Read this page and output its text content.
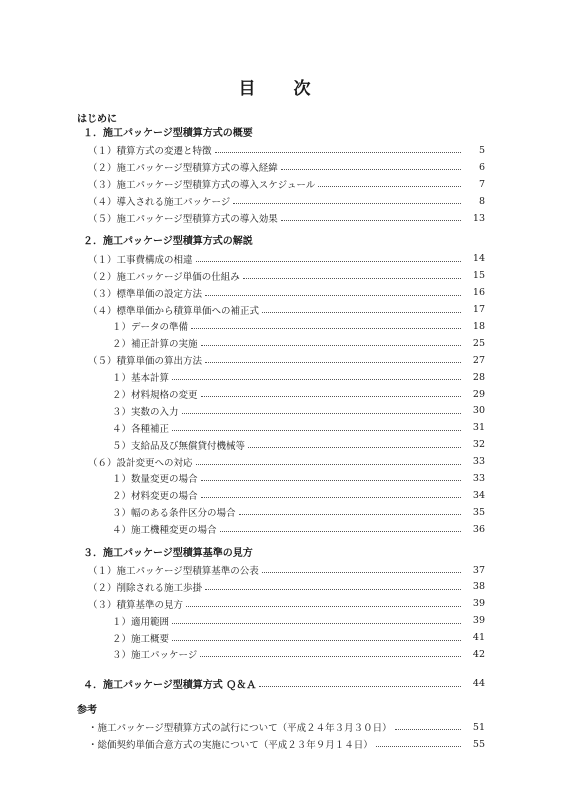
目 次
はじめに
１．施工パッケージ型積算方式の概要
（１）積算方式の変遷と特徴	5
（２）施工パッケージ型積算方式の導入経緯	6
（３）施工パッケージ型積算方式の導入スケジュール	7
（４）導入される施工パッケージ	8
（５）施工パッケージ型積算方式の導入効果	13
２．施工パッケージ型積算方式の解説
（１）工事費構成の相違	14
（２）施工パッケージ単価の仕組み	15
（３）標準単価の設定方法	16
（４）標準単価から積算単価への補正式	17
１）データの準備	18
２）補正計算の実施	25
（５）積算単価の算出方法	27
１）基本計算	28
２）材料規格の変更	29
３）実数の入力	30
４）各種補正	31
５）支給品及び無償貸付機械等	32
（６）設計変更への対応	33
１）数量変更の場合	33
２）材料変更の場合	34
３）幅のある条件区分の場合	35
４）施工機種変更の場合	36
３．施工パッケージ型積算基準の見方
（１）施工パッケージ型積算基準の公表	37
（２）削除される施工歩掛	38
（３）積算基準の見方	39
１）適用範囲	39
２）施工概要	41
３）施工パッケージ	42
４．施工パッケージ型積算方式 Ｑ＆Ａ	44
参考
・施工パッケージ型積算方式の試行について（平成２４年３月３０日）	51
・総価契約単価合意方式の実施について（平成２３年９月１４日）	55
